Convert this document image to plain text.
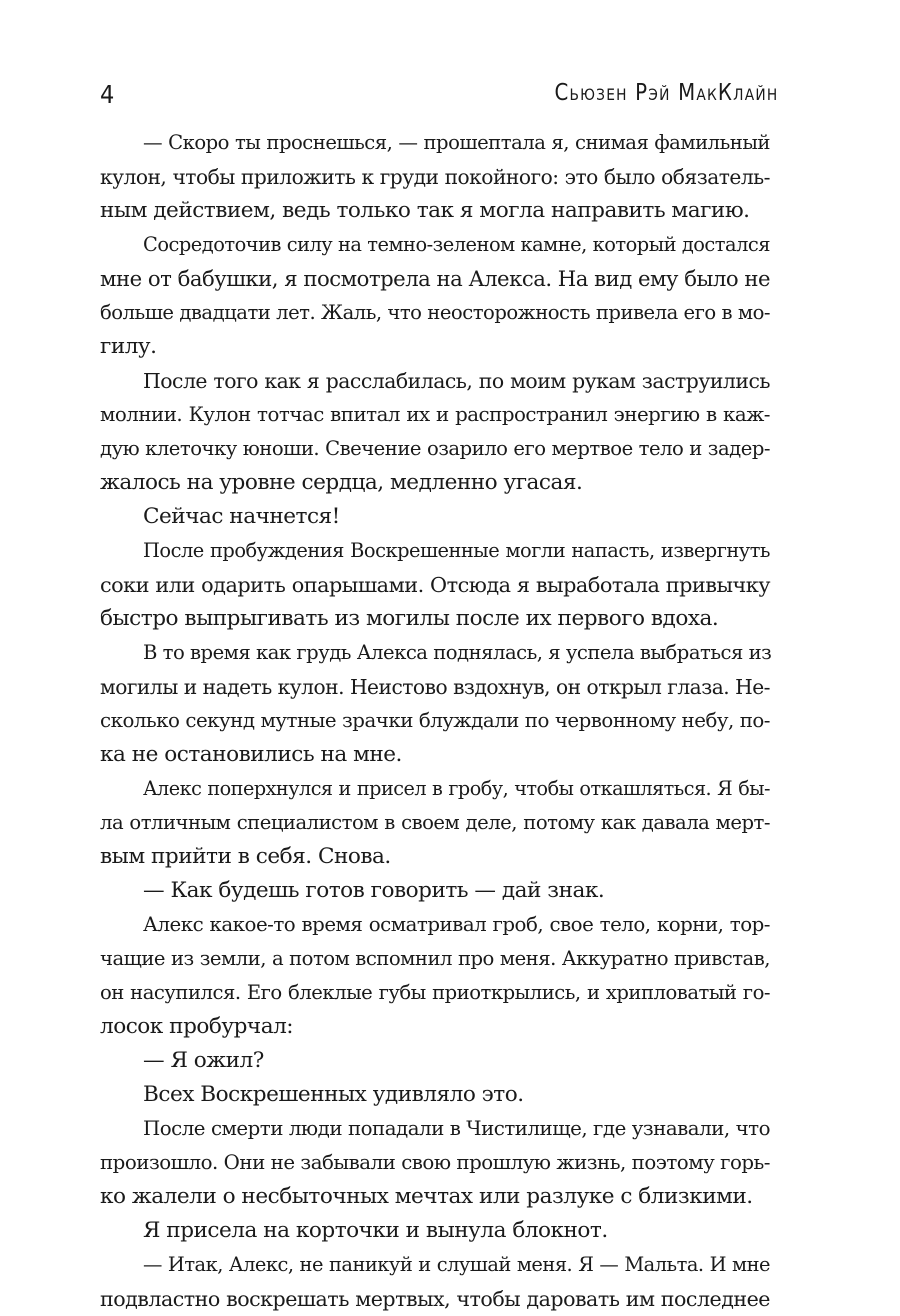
4	Сьюзен Рэй МакКлайн
— Скоро ты проснешься, — прошептала я, снимая фамильный
кулон, чтобы приложить к груди покойного: это было обязатель-
ным действием, ведь только так я могла направить магию.
Сосредоточив силу на темно-зеленом камне, который достался
мне от бабушки, я посмотрела на Алекса. На вид ему было не
больше двадцати лет. Жаль, что неосторожность привела его в мо-
гилу.
После того как я расслабилась, по моим рукам заструились
молнии. Кулон тотчас впитал их и распространил энергию в каж-
дую клеточку юноши. Свечение озарило его мертвое тело и задер-
жалось на уровне сердца, медленно угасая.
Сейчас начнется!
После пробуждения Воскрешенные могли напасть, извергнуть
соки или одарить опарышами. Отсюда я выработала привычку
быстро выпрыгивать из могилы после их первого вдоха.
В то время как грудь Алекса поднялась, я успела выбраться из
могилы и надеть кулон. Неистово вздохнув, он открыл глаза. Не-
сколько секунд мутные зрачки блуждали по червонному небу, по-
ка не остановились на мне.
Алекс поперхнулся и присел в гробу, чтобы откашляться. Я бы-
ла отличным специалистом в своем деле, потому как давала мерт-
вым прийти в себя. Снова.
— Как будешь готов говорить — дай знак.
Алекс какое-то время осматривал гроб, свое тело, корни, тор-
чащие из земли, а потом вспомнил про меня. Аккуратно привстав,
он насупился. Его блеклые губы приоткрылись, и хрипловатый го-
лосок пробурчал:
— Я ожил?
Всех Воскрешенных удивляло это.
После смерти люди попадали в Чистилище, где узнавали, что
произошло. Они не забывали свою прошлую жизнь, поэтому горь-
ко жалели о несбыточных мечтах или разлуке с близкими.
Я присела на корточки и вынула блокнот.
— Итак, Алекс, не паникуй и слушай меня. Я — Мальта. И мне
подвластно воскрешать мертвых, чтобы даровать им последнее
